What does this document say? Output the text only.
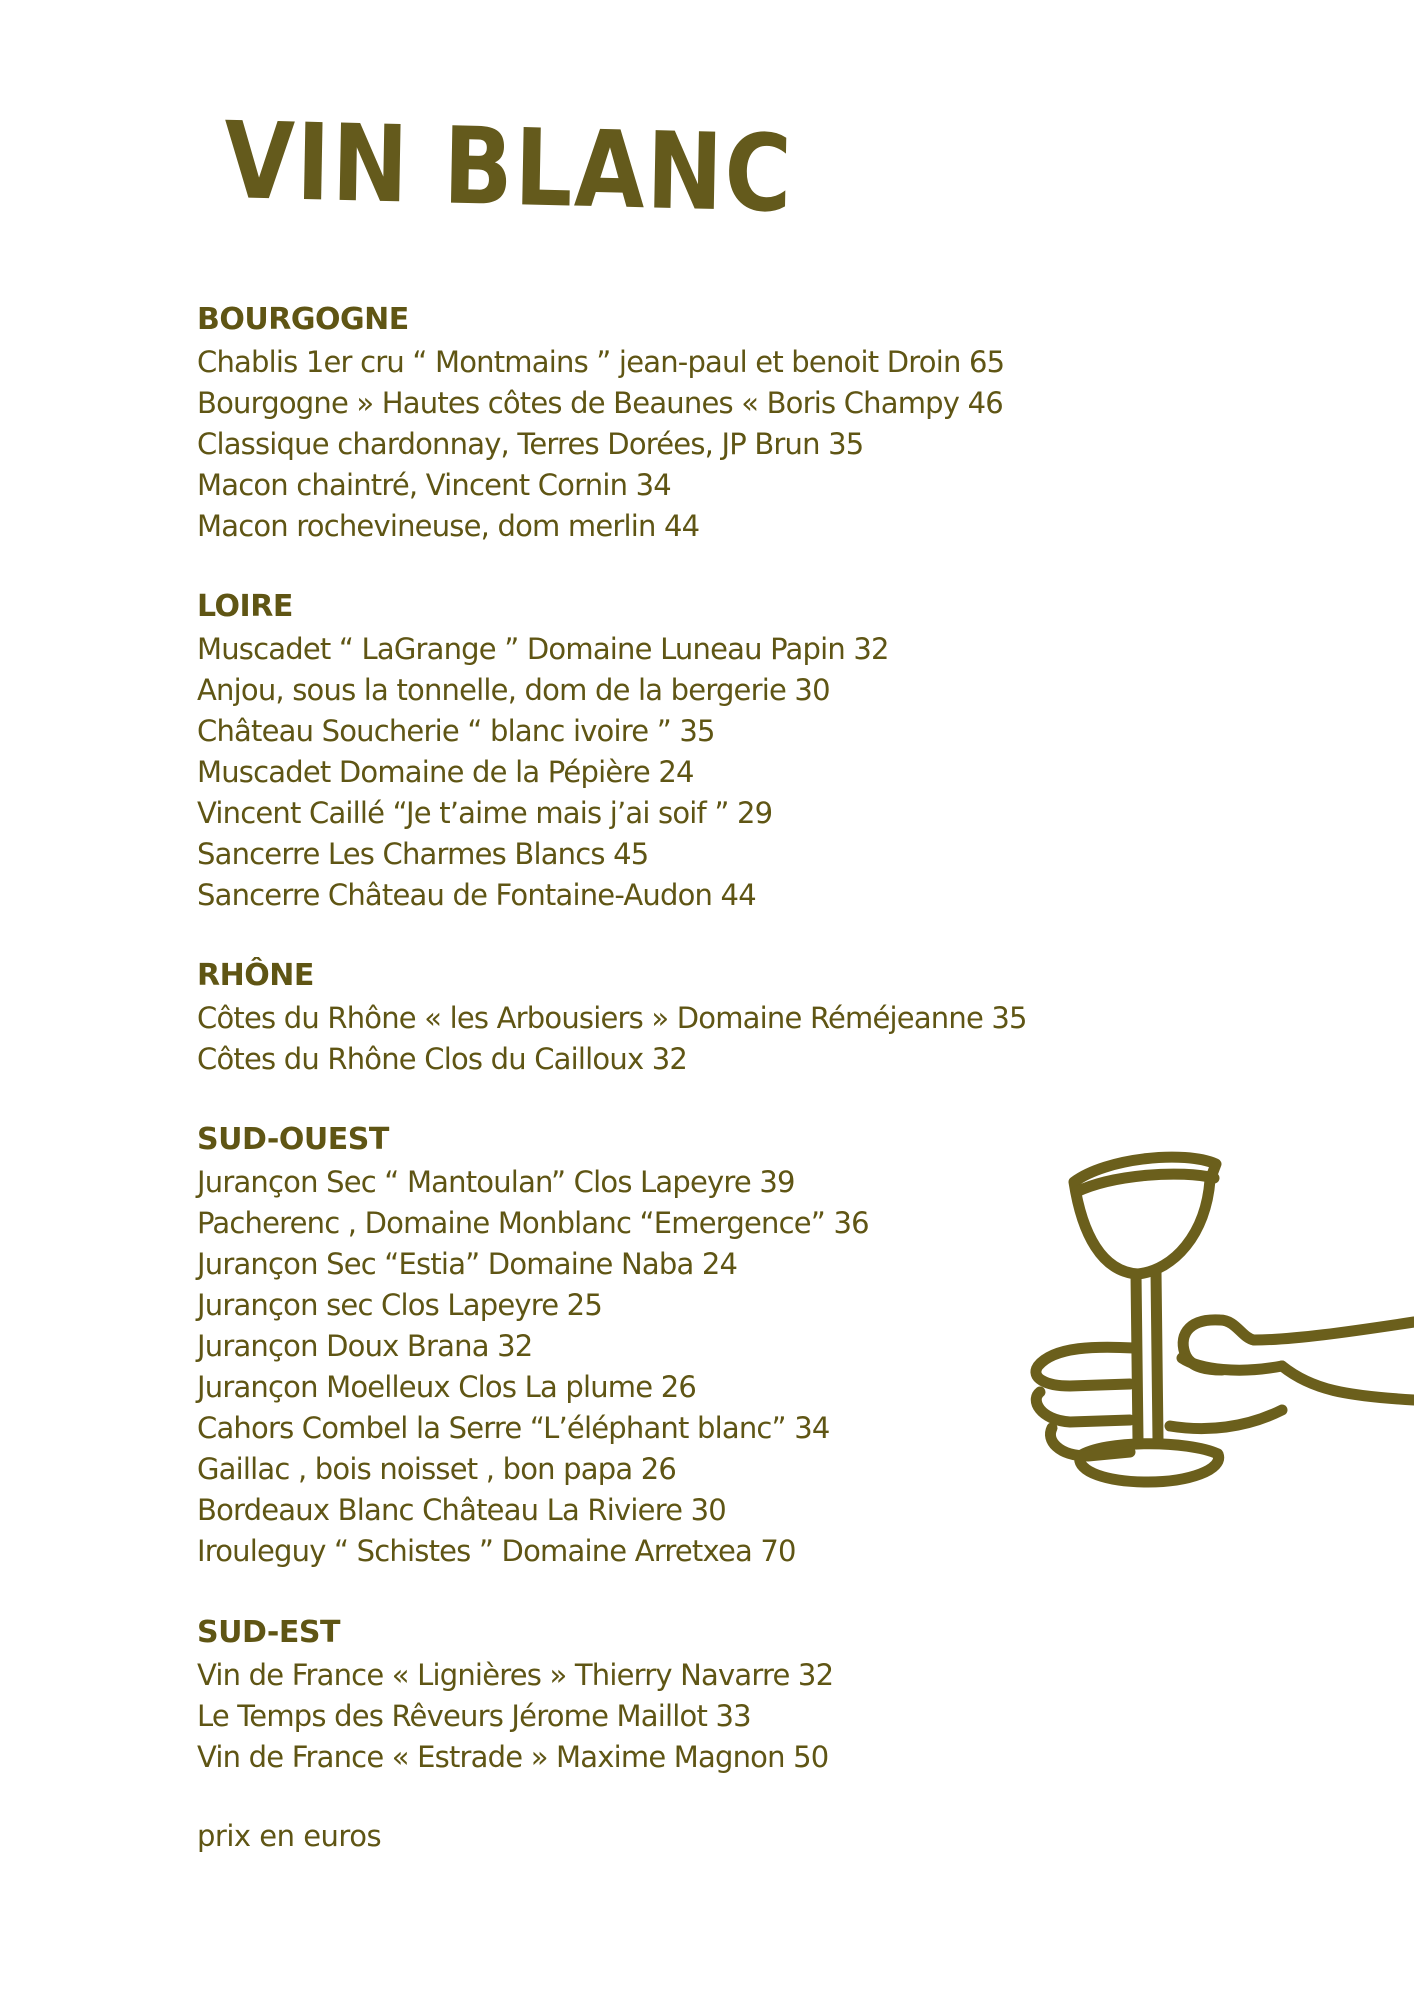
VIN BLANC
BOURGOGNE
Chablis 1er cru “ Montmains ” jean-paul et benoit Droin 65
Bourgogne » Hautes côtes de Beaunes « Boris Champy 46
Classique chardonnay, Terres Dorées, JP Brun 35
Macon chaintré, Vincent Cornin 34
Macon rochevineuse, dom merlin 44
LOIRE
Muscadet “ LaGrange ” Domaine Luneau Papin 32
Anjou, sous la tonnelle, dom de la bergerie 30
Château Soucherie “ blanc ivoire ” 35
Muscadet Domaine de la Pépière 24
Vincent Caillé “Je t’aime mais j’ai soif ” 29
Sancerre Les Charmes Blancs 45
Sancerre Château de Fontaine-Audon 44
RHÔNE
Côtes du Rhône « les Arbousiers » Domaine Réméjeanne 35
Côtes du Rhône Clos du Cailloux 32
SUD-OUEST
Jurançon Sec “ Mantoulan” Clos Lapeyre 39
Pacherenc , Domaine Monblanc “Emergence” 36
Jurançon Sec “Estia” Domaine Naba 24
Jurançon sec Clos Lapeyre 25
Jurançon Doux Brana 32
Jurançon Moelleux Clos La plume 26
Cahors Combel la Serre “L’éléphant blanc” 34
Gaillac , bois noisset , bon papa 26
Bordeaux Blanc Château La Riviere 30
Irouleguy “ Schistes ” Domaine Arretxea 70
SUD-EST
Vin de France « Lignières » Thierry Navarre 32
Le Temps des Rêveurs Jérome Maillot 33
Vin de France « Estrade » Maxime Magnon 50

prix en euros
